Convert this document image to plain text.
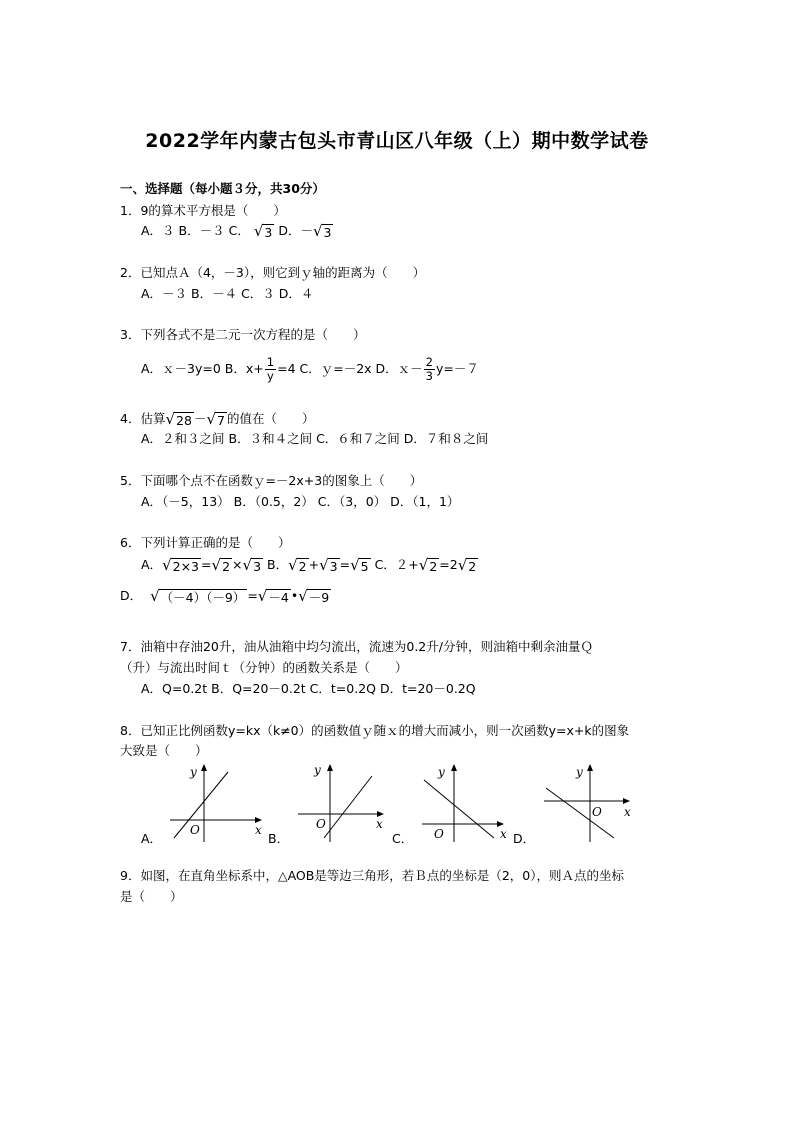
2022学年内蒙古包头市青山区八年级（上）期中数学试卷
一、选择题（每小题３分，共30分）
1．9的算术平方根是（　　）
A．３ B．－３ C． √ 3 D．－ √ 3
2．已知点Ａ（4，－3），则它到ｙ轴的距离为（　　）
A．－３ B．－４ C．３ D．４
3．下列各式不是二元一次方程的是（　　）
A．ｘ－3y=0 B．$x+ \frac{1}{y} =4$ C．ｙ=－2x D．ｘ－ $\frac{2}{3} y=-7$
4．估算 √ 28 － √ 7 的值在（　　）
A．２和３之间 B．３和４之间 C．６和７之间 D．７和８之间
5．下面哪个点不在函数ｙ=－2x+3的图象上（　　）
A．（－5，13） B．（0.5，2） C．（3，0） D．（1，1）
6．下列计算正确的是（　　）
A． √ 2×3 = √ 2 × √ 3 B． √ 2 + √ 3 = √ 5 C．２+ √ 2 =2 √ 2
D． √ （－4）（－9） = √ －4 • √ －9
7．油箱中存油20升，油从油箱中均匀流出，流速为0.2升/分钟，则油箱中剩余油量Ｑ
（升）与流出时间ｔ（分钟）的函数关系是（　　）
A．Q=0.2t B．Q=20－0.2t C．t=0.2Q D．t=20－0.2Q
8．已知正比例函数y=kx（k≠0）的函数值ｙ随ｘ的增大而减小，则一次函数y=x+k的图象
大致是（　　）
A．	B．	C．	D．
O	x
y
O	x
y
O	x
y
O x
y
9．如图，在直角坐标系中，△AOB是等边三角形，若Ｂ点的坐标是（2，0），则Ａ点的坐标
是（　　）
